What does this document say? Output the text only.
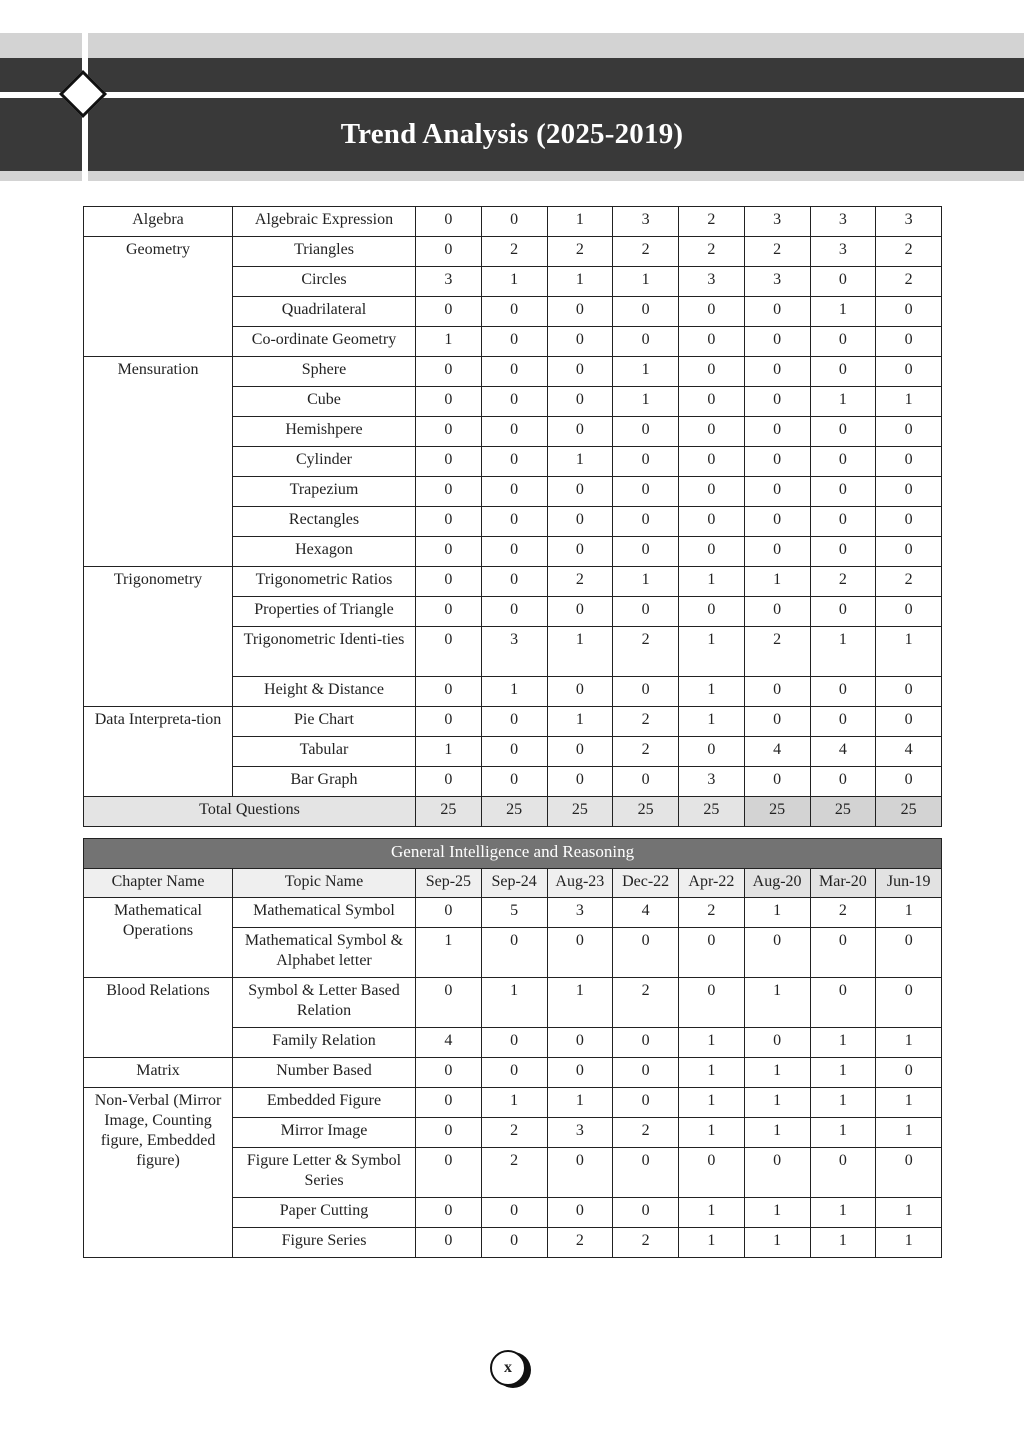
Trend Analysis (2025-2019)
Algebra	Algebraic Expression	0	0	1	3	2	3	3	3
Geometry	Triangles	0	2	2	2	2	2	3	2
	Circles	3	1	1	1	3	3	0	2
	Quadrilateral	0	0	0	0	0	0	1	0
	Co-ordinate Geometry	1	0	0	0	0	0	0	0
Mensuration	Sphere	0	0	0	1	0	0	0	0
	Cube	0	0	0	1	0	0	1	1
	Hemishpere	0	0	0	0	0	0	0	0
	Cylinder	0	0	1	0	0	0	0	0
	Trapezium	0	0	0	0	0	0	0	0
	Rectangles	0	0	0	0	0	0	0	0
	Hexagon	0	0	0	0	0	0	0	0
Trigonometry	Trigonometric Ratios	0	0	2	1	1	1	2	2
	Properties of Triangle	0	0	0	0	0	0	0	0
	Trigonometric Identi-ties	0	3	1	2	1	2	1	1
	Height & Distance	0	1	0	0	1	0	0	0
Data Interpreta-tion	Pie Chart	0	0	1	2	1	0	0	0
	Tabular	1	0	0	2	0	4	4	4
	Bar Graph	0	0	0	0	3	0	0	0
Total Questions		25	25	25	25	25	25	25	25
General Intelligence and Reasoning									
Chapter Name	Topic Name	Sep-25	Sep-24	Aug-23	Dec-22	Apr-22	Aug-20	Mar-20	Jun-19
Mathematical Operations	Mathematical Symbol	0	5	3	4	2	1	2	1
	Mathematical Symbol & Alphabet letter	1	0	0	0	0	0	0	0
Blood Relations	Symbol & Letter Based Relation	0	1	1	2	0	1	0	0
	Family Relation	4	0	0	0	1	0	1	1
Matrix	Number Based	0	0	0	0	1	1	1	0
Non-Verbal (Mirror Image, Counting figure, Embedded figure)	Embedded Figure	0	1	1	0	1	1	1	1
	Mirror Image	0	2	3	2	1	1	1	1
	Figure Letter & Symbol Series	0	2	0	0	0	0	0	0
	Paper Cutting	0	0	0	0	1	1	1	1
	Figure Series	0	0	2	2	1	1	1	1
x
